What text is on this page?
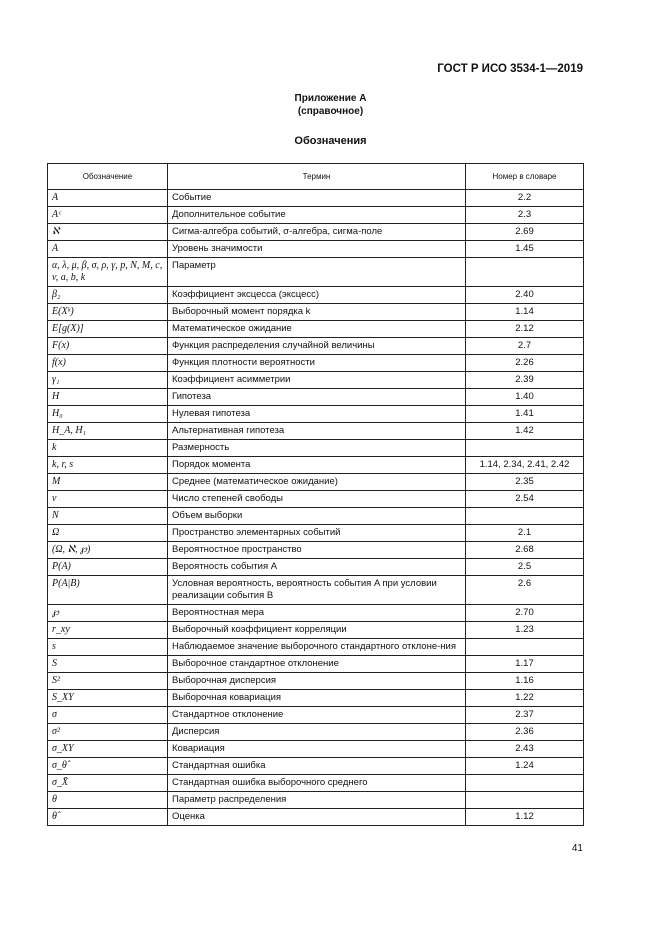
ГОСТ Р ИСО 3534-1—2019
Приложение А
(справочное)
Обозначения
Обозначение	Термин	Номер в словаре
A	Событие	2.2
Aᶜ	Дополнительное событие	2.3
ℵ	Сигма-алгебра событий, σ-алгебра, сигма-поле	2.69
A	Уровень значимости	1.45
α, λ, μ, β, σ, ρ, γ, p, N, M, c, v, a, b, k	Параметр	
β₂	Коэффициент эксцесса (эксцесс)	2.40
E(Xᵏ)	Выборочный момент порядка k	1.14
E[g(X)]	Математическое ожидание	2.12
F(x)	Функция распределения случайной величины	2.7
f(x)	Функция плотности вероятности	2.26
γ₁	Коэффициент асимметрии	2.39
H	Гипотеза	1.40
H₀	Нулевая гипотеза	1.41
H_A, H₁	Альтернативная гипотеза	1.42
k	Размерность	
k, r, s	Порядок момента	1.14, 2.34, 2.41, 2.42
M	Среднее (математическое ожидание)	2.35
ν	Число степеней свободы	2.54
N	Объем выборки	
Ω	Пространство элементарных событий	2.1
(Ω, ℵ, ℘)	Вероятностное пространство	2.68
P(A)	Вероятность события A	2.5
P(A|B)	Условная вероятность, вероятность события A при условии реализации события B	2.6
℘	Вероятностная мера	2.70
r_xy	Выборочный коэффициент корреляции	1.23
s	Наблюдаемое значение выборочного стандартного отклоне-ния	
S	Выборочное стандартное отклонение	1.17
S²	Выборочная дисперсия	1.16
S_XY	Выборочная ковариация	1.22
σ	Стандартное отклонение	2.37
σ²	Дисперсия	2.36
σ_XY	Ковариация	2.43
σ_θ̂	Стандартная ошибка	1.24
σ_X̄	Стандартная ошибка выборочного среднего	
θ	Параметр распределения	
θ̂	Оценка	1.12
41
